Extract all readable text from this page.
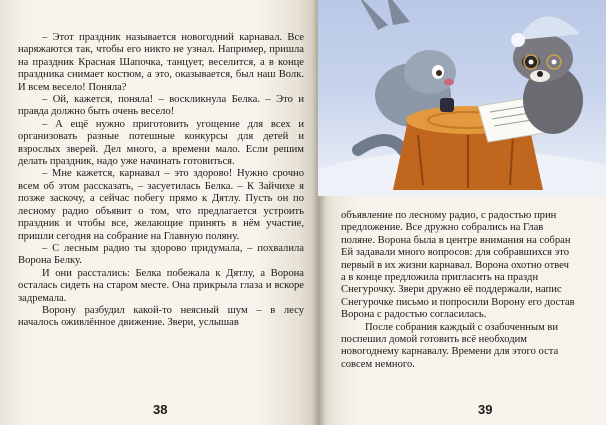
– Этот праздник называется новогодний карнавал. Все наряжаются так, чтобы его никто не узнал. Например, пришла на праздник Красная Шапочка, танцует, веселится, а в конце праздника снимает костюм, а это, оказывается, был наш Волк. И всем весело! Поняла?

– Ой, кажется, поняла! – воскликнула Белка. – Это и правда должно быть очень весело!

– А ещё нужно приготовить угощение для всех и организовать разные потешные конкурсы для детей и взрослых зверей. Дел много, а времени мало. Если решим делать праздник, надо уже начинать готовиться.

– Мне кажется, карнавал – это здорово! Нужно срочно всем об этом рассказать, – засуетилась Белка. – К Зайчихе я позже заскочу, а сейчас побегу прямо к Дятлу. Пусть он по лесному радио объявит о том, что предлагается устроить праздник и чтобы все, желающие принять в нём участие, пришли сегодня на собрание на Главную поляну.

– С лесным радио ты здорово придумала, – похвалила Ворона Белку.

И они расстались: Белка побежала к Дятлу, а Ворона осталась сидеть на старом месте. Она прикрыла глаза и вскоре задремала.

Ворону разбудил какой-то неясный шум – в лесу началось оживлённое движение. Звери, услышав

38
объявление по лесному радио, с радостью прин
предложение. Все дружно собрались на Глав
поляне. Ворона была в центре внимания на собран
Ей задавали много вопросов: для собравшихся это
первый в их жизни карнавал. Ворона охотно отвеч
а в конце предложила пригласить на праздн
Снегурочку. Звери дружно её поддержали, напис
Снегурочке письмо и попросили Ворону его достав
Ворона с радостью согласилась.
После собрания каждый с озабоченным ви
поспешил домой готовить всё необходим
новогоднему карнавалу. Времени для этого оста
совсем немного.
39
